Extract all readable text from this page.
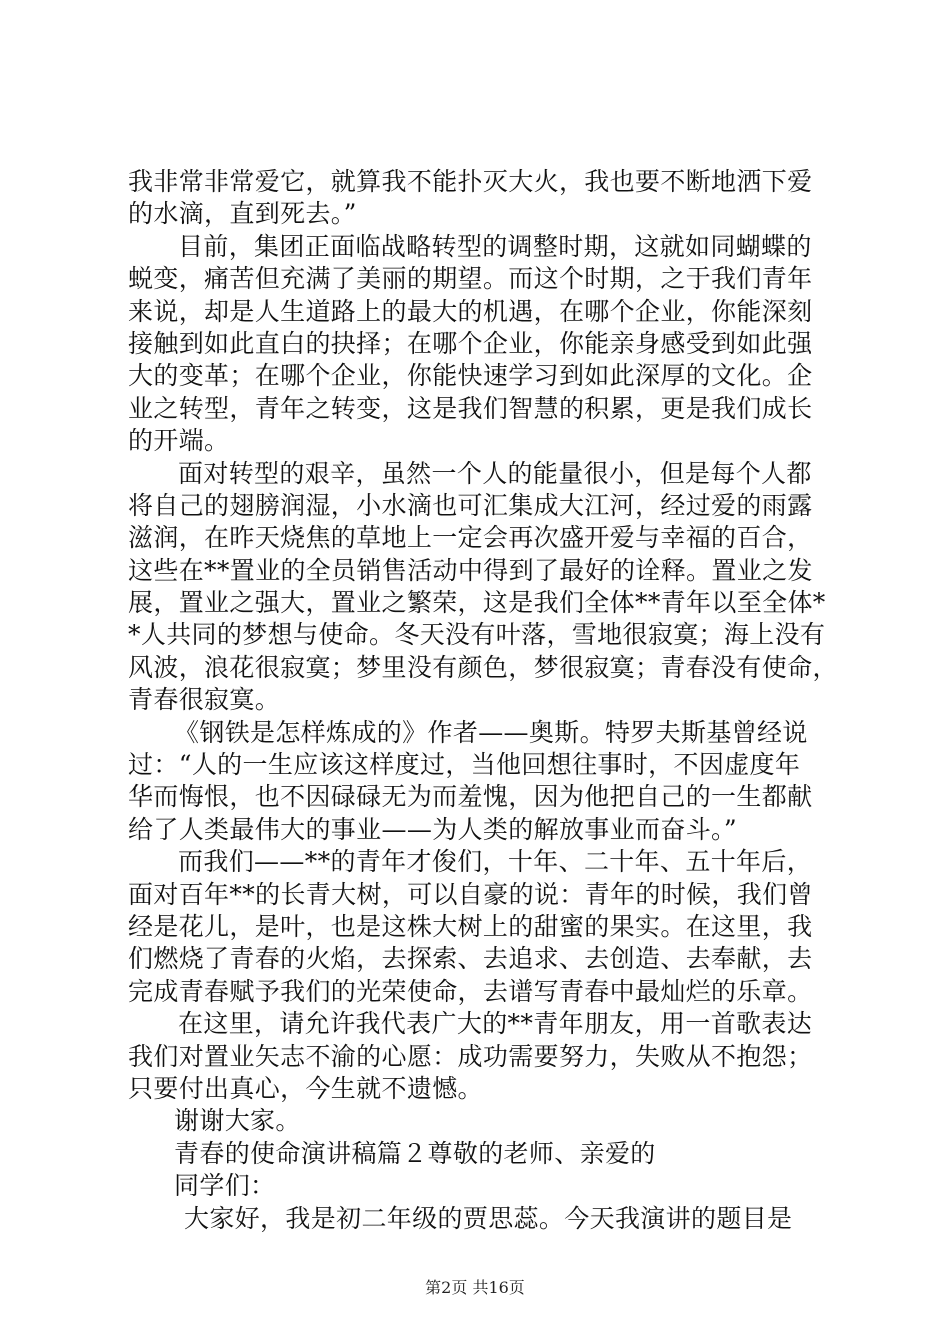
我非常非常爱它，就算我不能扑灭大火，我也要不断地洒下爱
的水滴，直到死去。”
目前，集团正面临战略转型的调整时期，这就如同蝴蝶的
蜕变，痛苦但充满了美丽的期望。而这个时期，之于我们青年
来说，却是人生道路上的最大的机遇，在哪个企业，你能深刻
接触到如此直白的抉择；在哪个企业，你能亲身感受到如此强
大的变革；在哪个企业，你能快速学习到如此深厚的文化。企
业之转型，青年之转变，这是我们智慧的积累，更是我们成长
的开端。
面对转型的艰辛，虽然一个人的能量很小，但是每个人都
将自己的翅膀润湿，小水滴也可汇集成大江河，经过爱的雨露
滋润，在昨天烧焦的草地上一定会再次盛开爱与幸福的百合，
这些在**置业的全员销售活动中得到了最好的诠释。置业之发
展，置业之强大，置业之繁荣，这是我们全体**青年以至全体*
*人共同的梦想与使命。冬天没有叶落，雪地很寂寞；海上没有
风波，浪花很寂寞；梦里没有颜色，梦很寂寞；青春没有使命，
青春很寂寞。
《钢铁是怎样炼成的》作者——奥斯。特罗夫斯基曾经说
过：“人的一生应该这样度过，当他回想往事时，不因虚度年
华而悔恨，也不因碌碌无为而羞愧，因为他把自己的一生都献
给了人类最伟大的事业——为人类的解放事业而奋斗。”
而我们——**的青年才俊们，十年、二十年、五十年后，
面对百年**的长青大树，可以自豪的说：青年的时候，我们曾
经是花儿，是叶，也是这株大树上的甜蜜的果实。在这里，我
们燃烧了青春的火焰，去探索、去追求、去创造、去奉献，去
完成青春赋予我们的光荣使命，去谱写青春中最灿烂的乐章。
在这里，请允许我代表广大的**青年朋友，用一首歌表达
我们对置业矢志不渝的心愿：成功需要努力，失败从不抱怨；
只要付出真心，今生就不遗憾。
谢谢大家。
青春的使命演讲稿篇２尊敬的老师、亲爱的
同学们：
大家好，我是初二年级的贾思蕊。今天我演讲的题目是
第2页 共16页
